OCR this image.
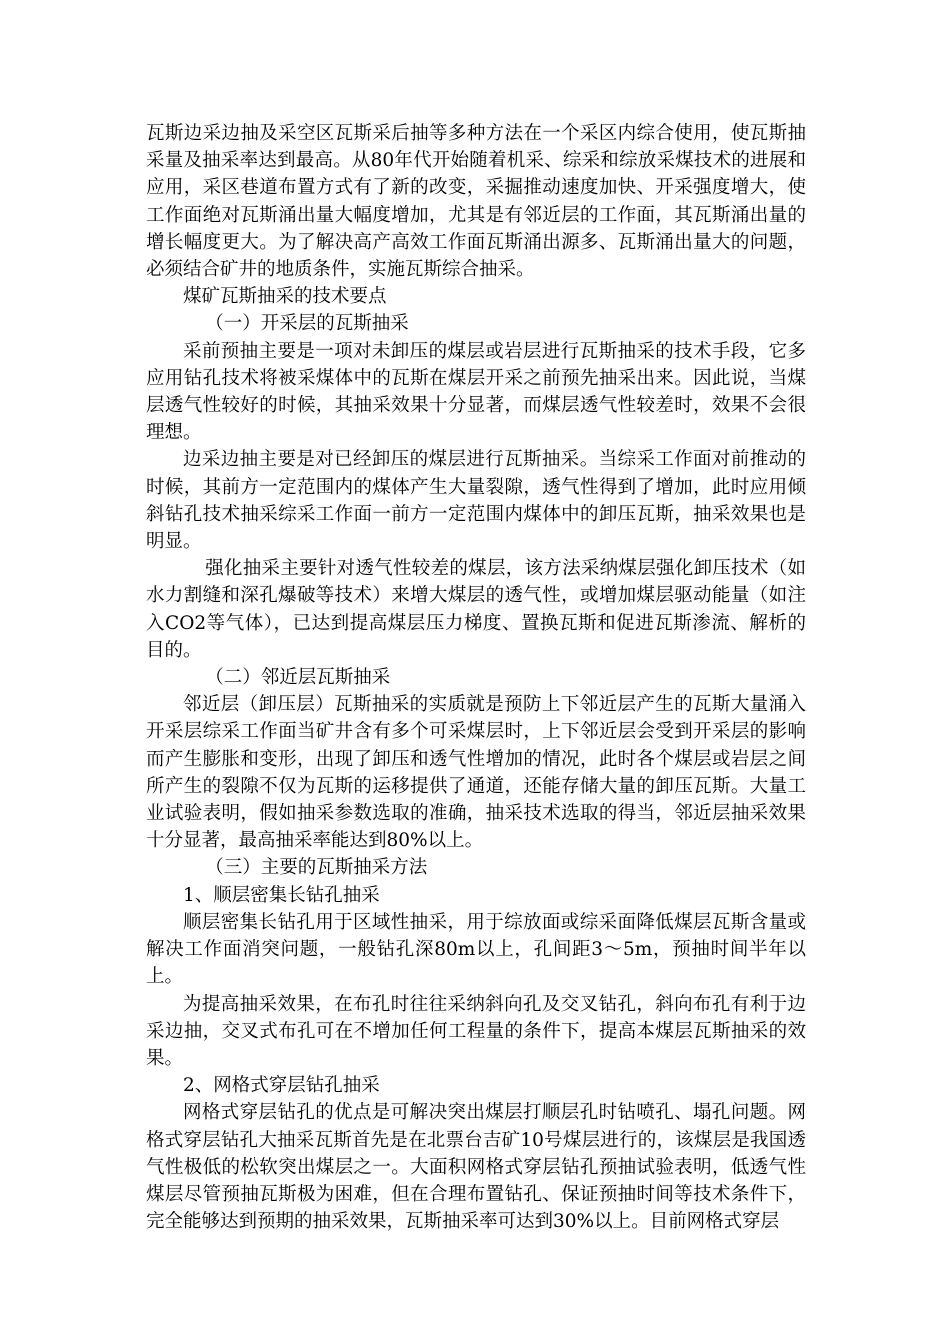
瓦斯边采边抽及采空区瓦斯采后抽等多种方法在一个采区内综合使用，使瓦斯抽采量及抽采率达到最高。从80年代开始随着机采、综采和综放采煤技术的进展和应用，采区巷道布置方式有了新的改变，采掘推动速度加快、开采强度增大，使工作面绝对瓦斯涌出量大幅度增加，尤其是有邻近层的工作面，其瓦斯涌出量的增长幅度更大。为了解决高产高效工作面瓦斯涌出源多、瓦斯涌出量大的问题，必须结合矿井的地质条件，实施瓦斯综合抽采。

煤矿瓦斯抽采的技术要点

（一）开采层的瓦斯抽采

采前预抽主要是一项对未卸压的煤层或岩层进行瓦斯抽采的技术手段，它多应用钻孔技术将被采煤体中的瓦斯在煤层开采之前预先抽采出来。因此说，当煤层透气性较好的时候，其抽采效果十分显著，而煤层透气性较差时，效果不会很理想。

边采边抽主要是对已经卸压的煤层进行瓦斯抽采。当综采工作面对前推动的时候，其前方一定范围内的煤体产生大量裂隙，透气性得到了增加，此时应用倾斜钻孔技术抽采综采工作面一前方一定范围内煤体中的卸压瓦斯，抽采效果也是明显。

强化抽采主要针对透气性较差的煤层，该方法采纳煤层强化卸压技术（如水力割缝和深孔爆破等技术）来增大煤层的透气性，或增加煤层驱动能量（如注入CO2等气体），已达到提高煤层压力梯度、置换瓦斯和促进瓦斯渗流、解析的目的。

（二）邻近层瓦斯抽采

邻近层（卸压层）瓦斯抽采的实质就是预防上下邻近层产生的瓦斯大量涌入开采层综采工作面当矿井含有多个可采煤层时，上下邻近层会受到开采层的影响而产生膨胀和变形，出现了卸压和透气性增加的情况，此时各个煤层或岩层之间所产生的裂隙不仅为瓦斯的运移提供了通道，还能存储大量的卸压瓦斯。大量工业试验表明，假如抽采参数选取的准确，抽采技术选取的得当，邻近层抽采效果十分显著，最高抽采率能达到80%以上。

（三）主要的瓦斯抽采方法

1、顺层密集长钻孔抽采

顺层密集长钻孔用于区域性抽采，用于综放面或综采面降低煤层瓦斯含量或解决工作面消突问题，一般钻孔深80m以上，孔间距3～5m，预抽时间半年以上。

为提高抽采效果，在布孔时往往采纳斜向孔及交叉钻孔，斜向布孔有利于边采边抽，交叉式布孔可在不增加任何工程量的条件下，提高本煤层瓦斯抽采的效果。

2、网格式穿层钻孔抽采

网格式穿层钻孔的优点是可解决突出煤层打顺层孔时钻喷孔、塌孔问题。网格式穿层钻孔大抽采瓦斯首先是在北票台吉矿10号煤层进行的，该煤层是我国透气性极低的松软突出煤层之一。大面积网格式穿层钻孔预抽试验表明，低透气性煤层尽管预抽瓦斯极为困难，但在合理布置钻孔、保证预抽时间等技术条件下，完全能够达到预期的抽采效果，瓦斯抽采率可达到30%以上。目前网格式穿层
